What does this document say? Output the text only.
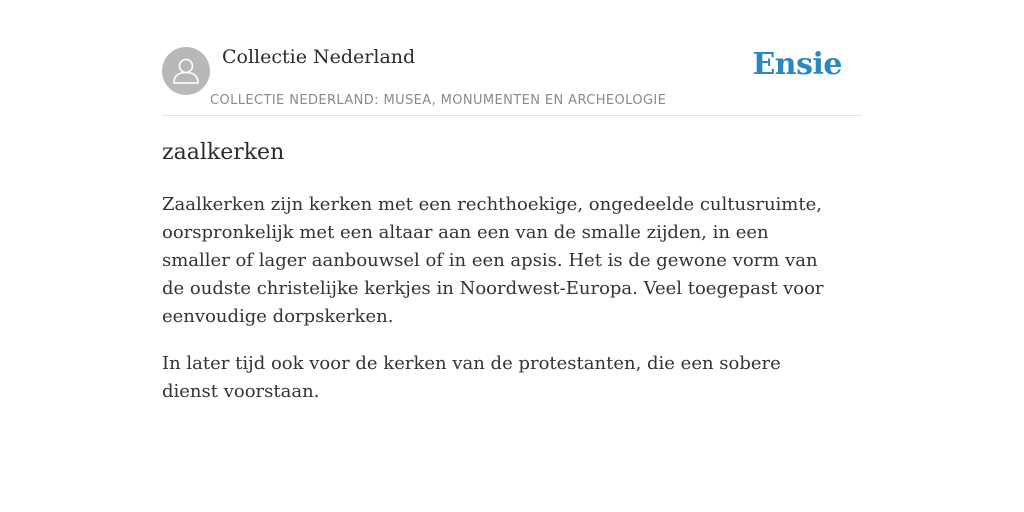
Collectie Nederland
COLLECTIE NEDERLAND: MUSEA, MONUMENTEN EN ARCHEOLOGIE
Ensie
zaalkerken

Zaalkerken zijn kerken met een rechthoekige, ongedeelde cultusruimte, oorspronkelijk met een altaar aan een van de smalle zijden, in een smaller of lager aanbouwsel of in een apsis. Het is de gewone vorm van de oudste christelijke kerkjes in Noordwest-Europa. Veel toegepast voor eenvoudige dorpskerken.

In later tijd ook voor de kerken van de protestanten, die een sobere dienst voorstaan.
